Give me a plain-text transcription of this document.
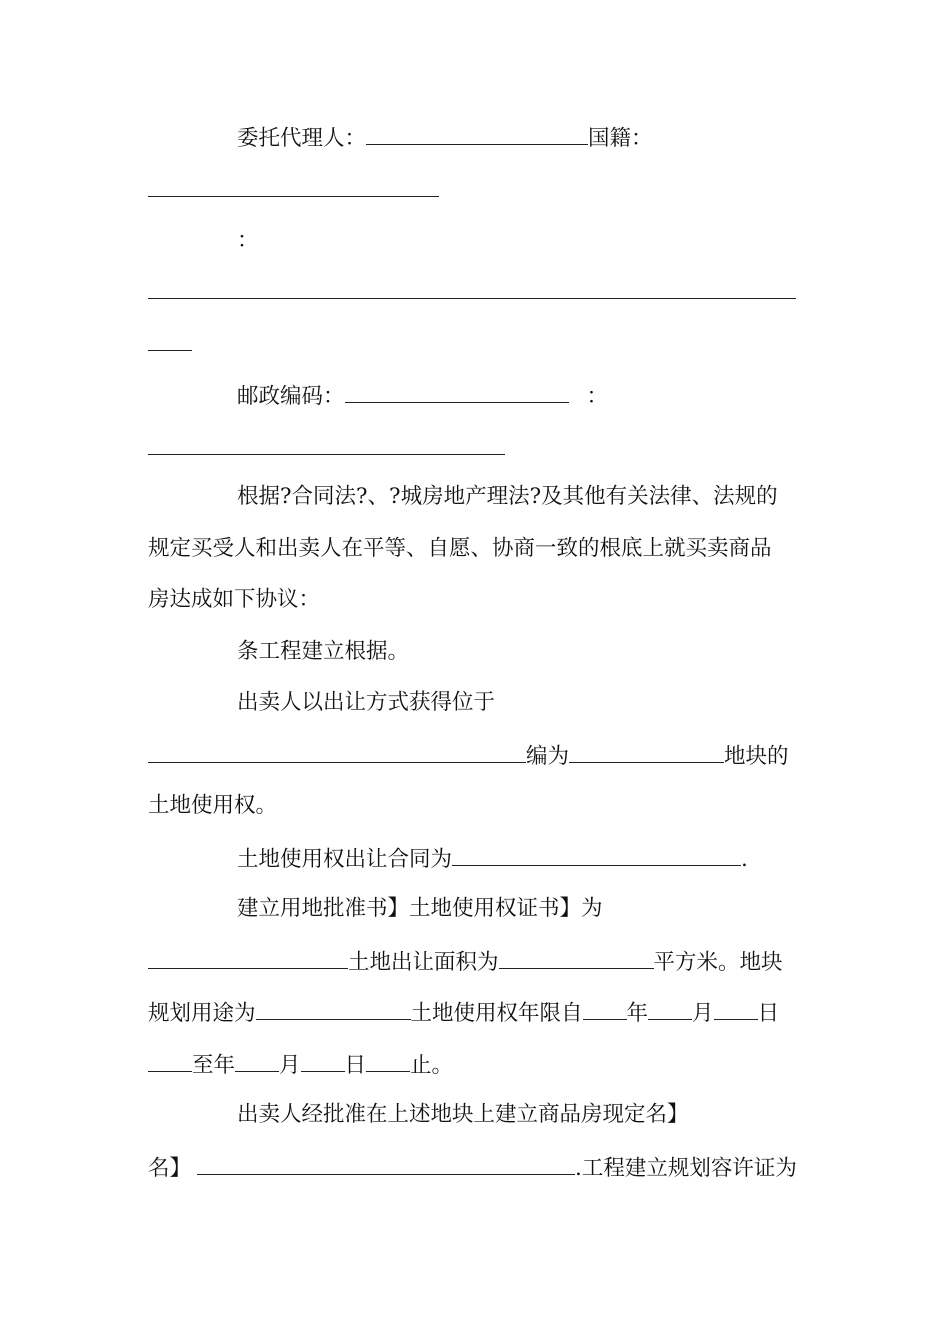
委托代理人：	国籍：
：
邮政编码：	：
根据?合同法?、?城房地产理法?及其他有关法律、法规的
规定买受人和出卖人在平等、自愿、协商一致的根底上就买卖商品
房达成如下协议：
条工程建立根据。
出卖人以出让方式获得位于
编为	地块的
土地使用权。
土地使用权出让合同为	.
建立用地批准书】土地使用权证书】为
土地出让面积为	平方米。地块
规划用途为	土地使用权年限自 年 月 日
至年 月 日 止。
出卖人经批准在上述地块上建立商品房现定名】
名】	.工程建立规划容许证为
